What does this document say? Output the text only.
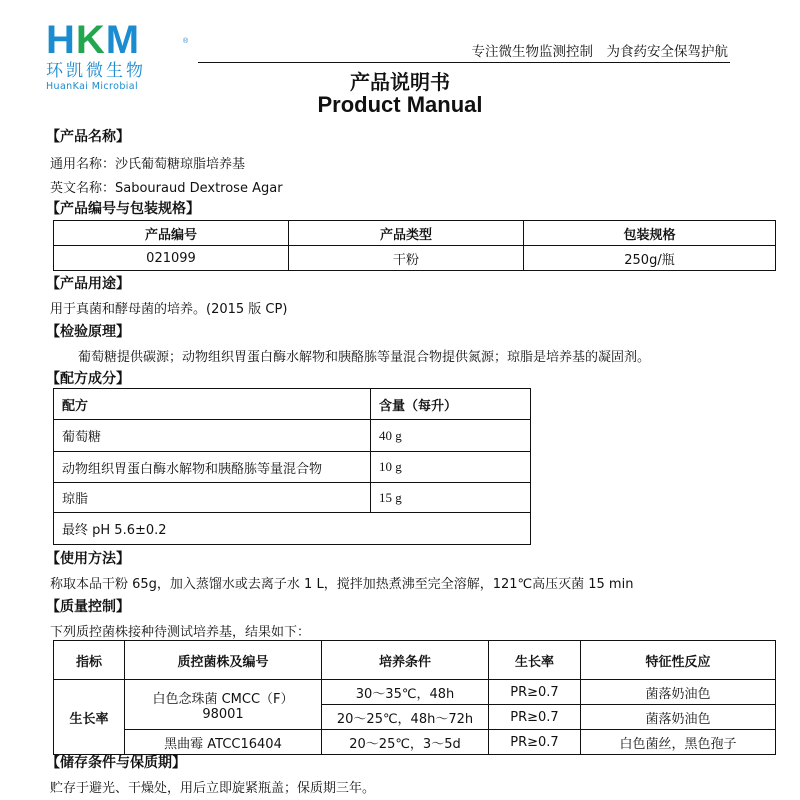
HKM	®
环凯微生物
HuanKai Microbial
专注微生物监测控制　为食药安全保驾护航
产品说明书
Product Manual
【产品名称】
通用名称：沙氏葡萄糖琼脂培养基
英文名称：Sabouraud Dextrose Agar
【产品编号与包装规格】
产品编号	产品类型	包装规格
021099	干粉	250g/瓶
【产品用途】
用于真菌和酵母菌的培养。(2015 版 CP)
【检验原理】
葡萄糖提供碳源；动物组织胃蛋白酶水解物和胰酪胨等量混合物提供氮源；琼脂是培养基的凝固剂。
【配方成分】
配方	含量（每升）
葡萄糖	40 g
动物组织胃蛋白酶水解物和胰酪胨等量混合物	10 g
琼脂	15 g
最终 pH 5.6±0.2	
【使用方法】
称取本品干粉 65g，加入蒸馏水或去离子水 1 L，搅拌加热煮沸至完全溶解，121℃高压灭菌 15 min
【质量控制】
下列质控菌株接种待测试培养基，结果如下：
指标	质控菌株及编号	培养条件	生长率	特征性反应
生长率	白色念珠菌 CMCC（F）98001	30～35℃，48h	PR≥0.7	菌落奶油色
		20～25℃，48h～72h	PR≥0.7	菌落奶油色
	黑曲霉 ATCC16404	20～25℃，3～5d	PR≥0.7	白色菌丝，黑色孢子
【储存条件与保质期】
贮存于避光、干燥处，用后立即旋紧瓶盖；保质期三年。
